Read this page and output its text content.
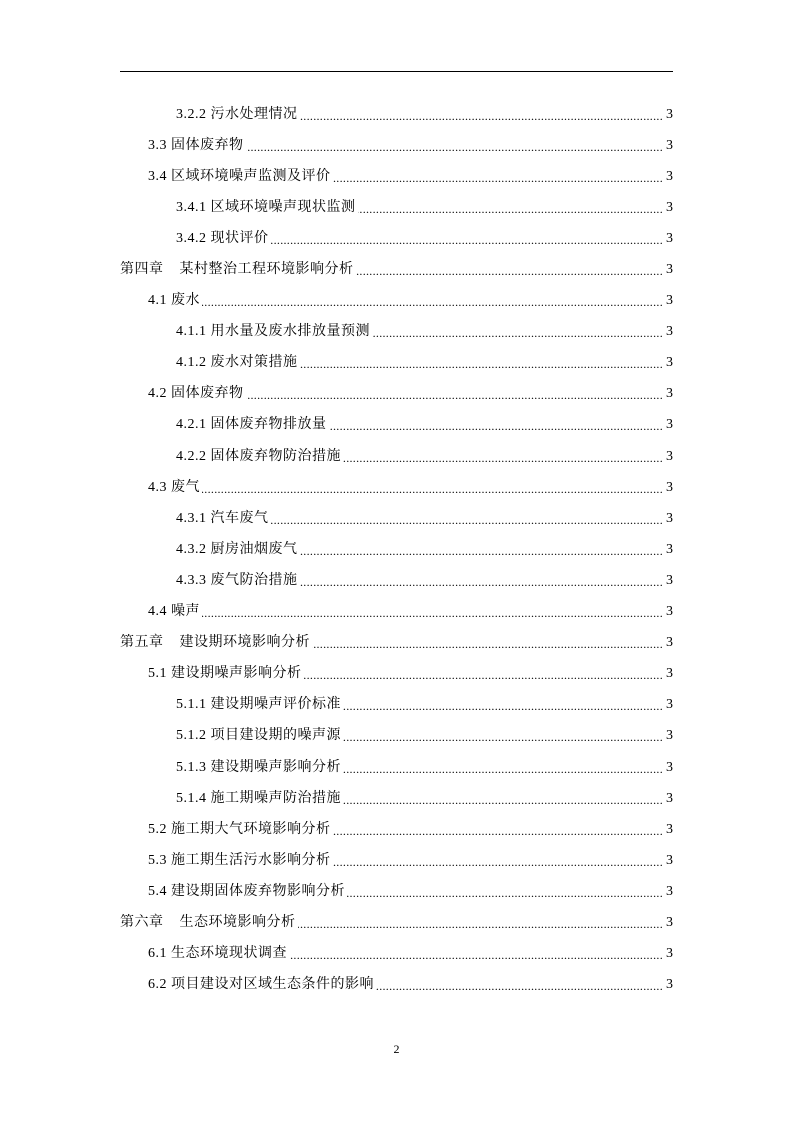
3.2.2 污水处理情况 .....	3
3.3 固体废弃物 .....	3
3.4 区域环境噪声监测及评价 .....	3
3.4.1 区域环境噪声现状监测 .....	3
3.4.2 现状评价 .....	3
第四章 某村整治工程环境影响分析 .....	3
4.1 废水 .....	3
4.1.1 用水量及废水排放量预测 .....	3
4.1.2 废水对策措施 .....	3
4.2 固体废弃物 .....	3
4.2.1 固体废弃物排放量 .....	3
4.2.2 固体废弃物防治措施 .....	3
4.3 废气 .....	3
4.3.1 汽车废气 .....	3
4.3.2 厨房油烟废气 .....	3
4.3.3 废气防治措施 .....	3
4.4 噪声 .....	3
第五章 建设期环境影响分析 .....	3
5.1 建设期噪声影响分析 .....	3
5.1.1 建设期噪声评价标准 .....	3
5.1.2 项目建设期的噪声源 .....	3
5.1.3 建设期噪声影响分析 .....	3
5.1.4 施工期噪声防治措施 .....	3
5.2 施工期大气环境影响分析 .....	3
5.3 施工期生活污水影响分析 .....	3
5.4 建设期固体废弃物影响分析 .....	3
第六章 生态环境影响分析 .....	3
6.1 生态环境现状调查 .....	3
6.2 项目建设对区域生态条件的影响 .....	3
2
